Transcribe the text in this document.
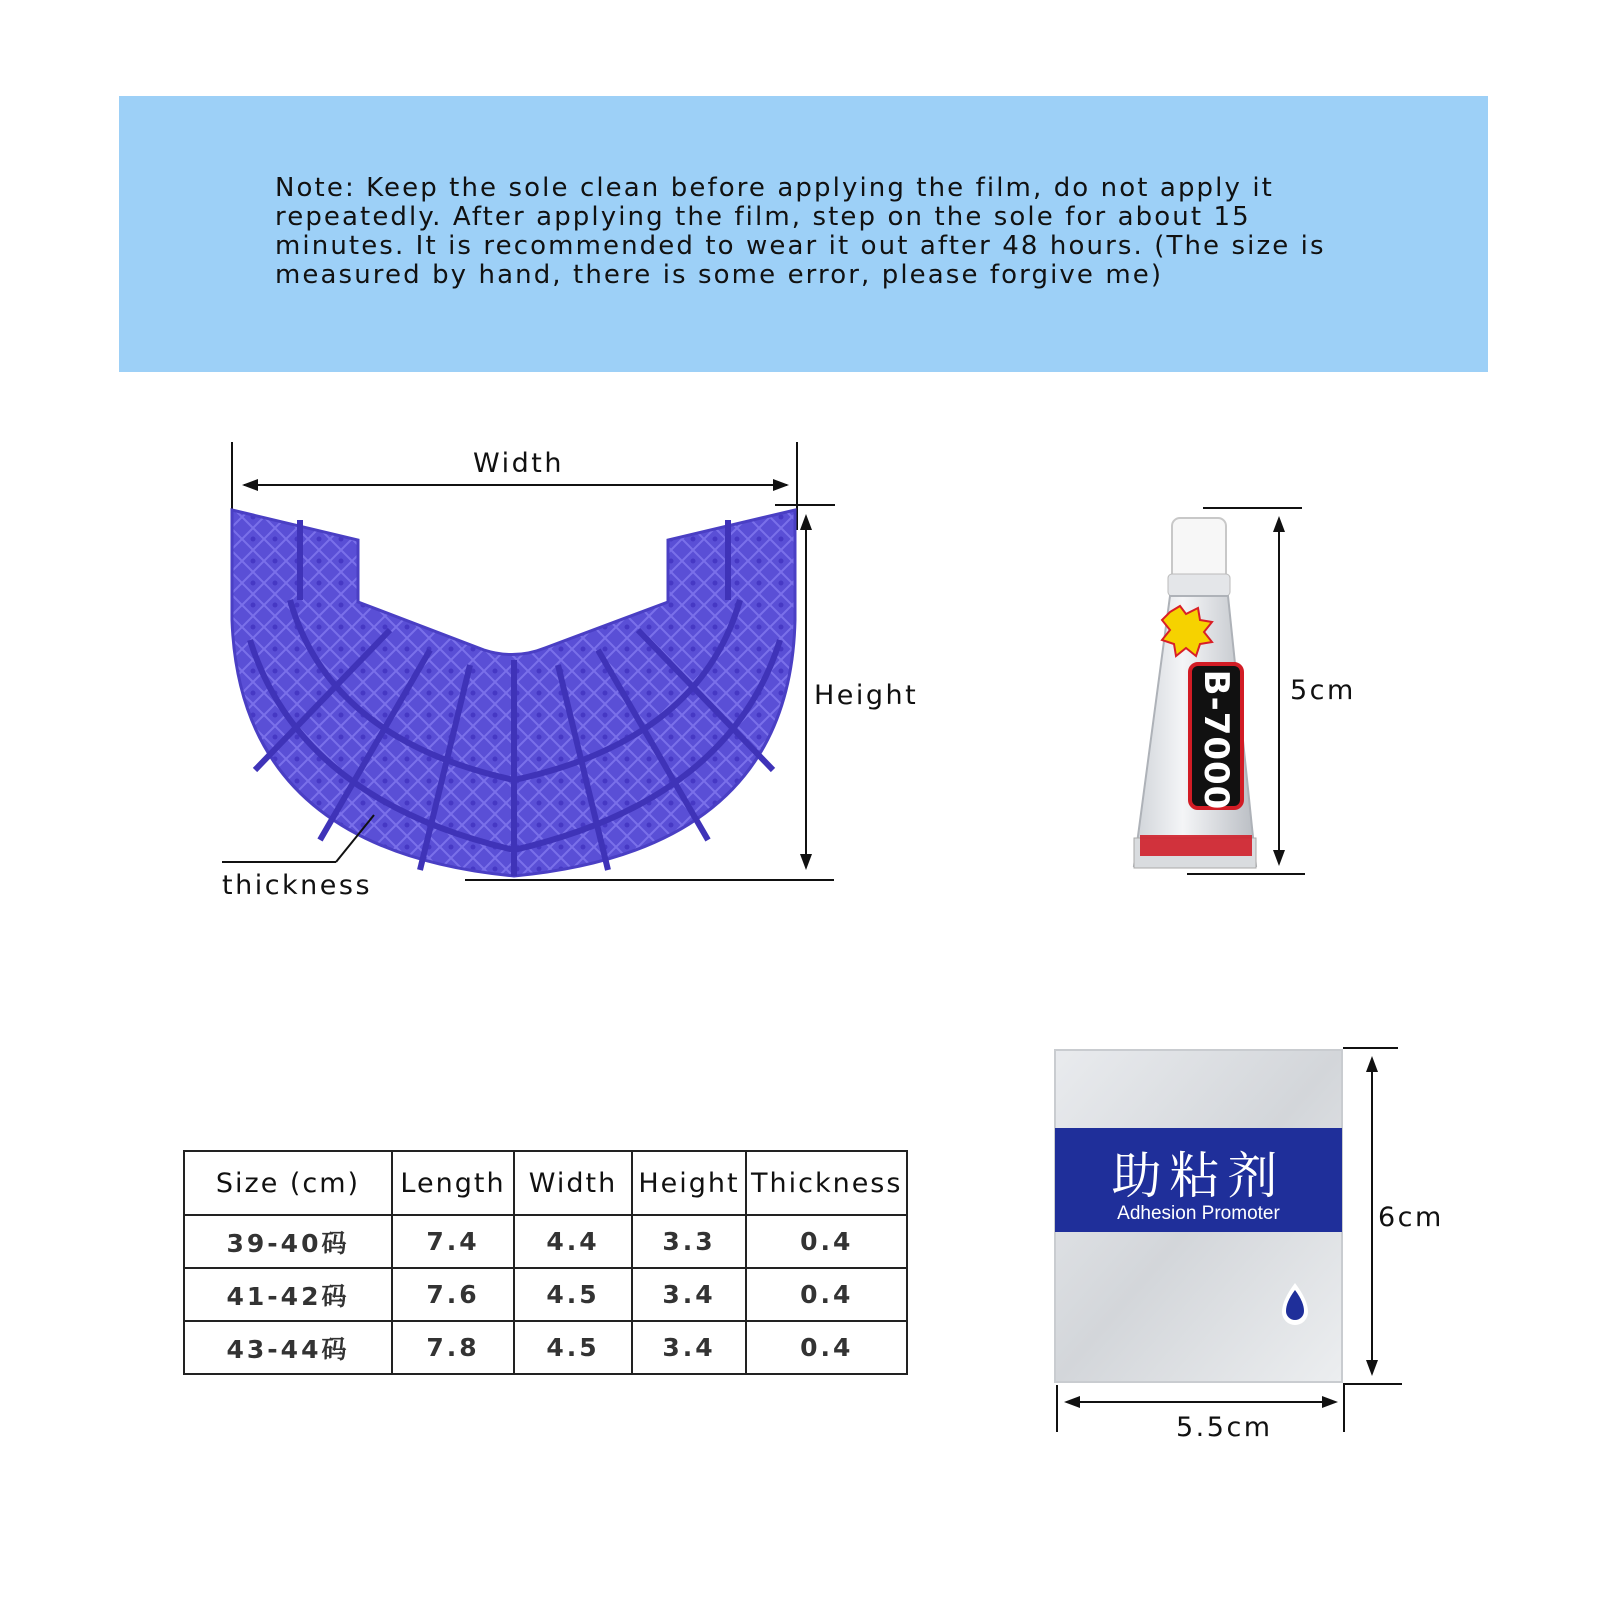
Note: Keep the sole clean before applying the film, do not apply it repeatedly. After applying the film, step on the sole for about 15 minutes. It is recommended to wear it out after 48 hours. (The size is measured by hand, there is some error, please forgive me)

Width
Height
thickness
B-7000 5cm
助粘剂
Adhesion Promoter	6cm
5.5cm
Size (cm)	Length	Width	Height	Thickness
39-40码	7.4	4.4	3.3	0.4
41-42码	7.6	4.5	3.4	0.4
43-44码	7.8	4.5	3.4	0.4
